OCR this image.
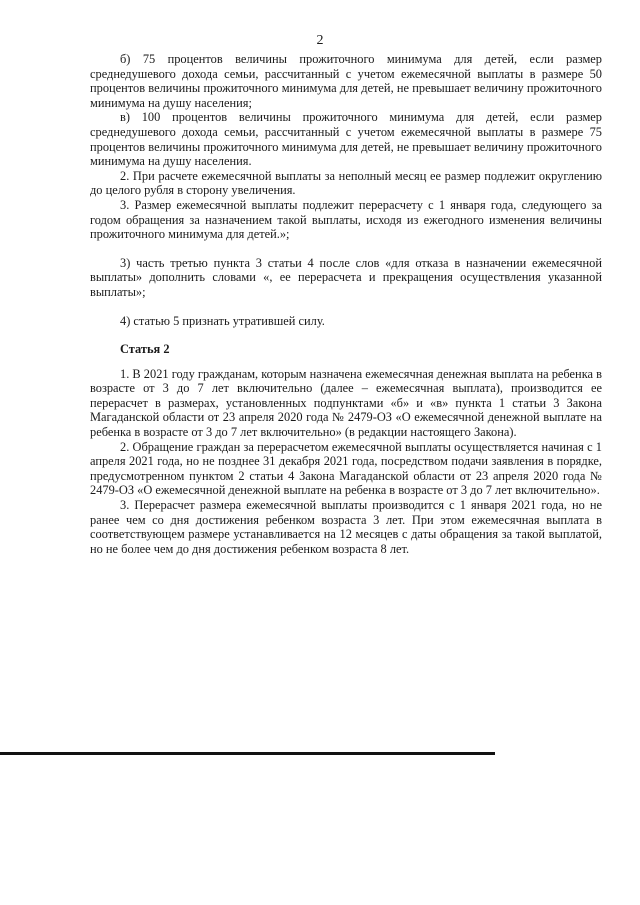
2

б) 75 процентов величины прожиточного минимума для детей, если размер среднедушевого дохода семьи, рассчитанный с учетом ежемесячной выплаты в размере 50 процентов величины прожиточного минимума для детей, не превышает величину прожиточного минимума на душу населения;

в) 100 процентов величины прожиточного минимума для детей, если размер среднедушевого дохода семьи, рассчитанный с учетом ежемесячной выплаты в размере 75 процентов величины прожиточного минимума для детей, не превышает величину прожиточного минимума на душу населения.

2. При расчете ежемесячной выплаты за неполный месяц ее размер подлежит округлению до целого рубля в сторону увеличения.

3. Размер ежемесячной выплаты подлежит перерасчету с 1 января года, следующего за годом обращения за назначением такой выплаты, исходя из ежегодного изменения величины прожиточного минимума для детей.»;

3) часть третью пункта 3 статьи 4 после слов «для отказа в назначении ежемесячной выплаты» дополнить словами «, ее перерасчета и прекращения осуществления указанной выплаты»;

4) статью 5 признать утратившей силу.

Статья 2

1. В 2021 году гражданам, которым назначена ежемесячная денежная выплата на ребенка в возрасте от 3 до 7 лет включительно (далее – ежемесячная выплата), производится ее перерасчет в размерах, установленных подпунктами «б» и «в» пункта 1 статьи 3 Закона Магаданской области от 23 апреля 2020 года № 2479-ОЗ «О ежемесячной денежной выплате на ребенка в возрасте от 3 до 7 лет включительно» (в редакции настоящего Закона).

2. Обращение граждан за перерасчетом ежемесячной выплаты осуществляется начиная с 1 апреля 2021 года, но не позднее 31 декабря 2021 года, посредством подачи заявления в порядке, предусмотренном пунктом 2 статьи 4 Закона Магаданской области от 23 апреля 2020 года № 2479-ОЗ «О ежемесячной денежной выплате на ребенка в возрасте от 3 до 7 лет включительно».

3. Перерасчет размера ежемесячной выплаты производится с 1 января 2021 года, но не ранее чем со дня достижения ребенком возраста 3 лет. При этом ежемесячная выплата в соответствующем размере устанавливается на 12 месяцев с даты обращения за такой выплатой, но не более чем до дня достижения ребенком возраста 8 лет.
